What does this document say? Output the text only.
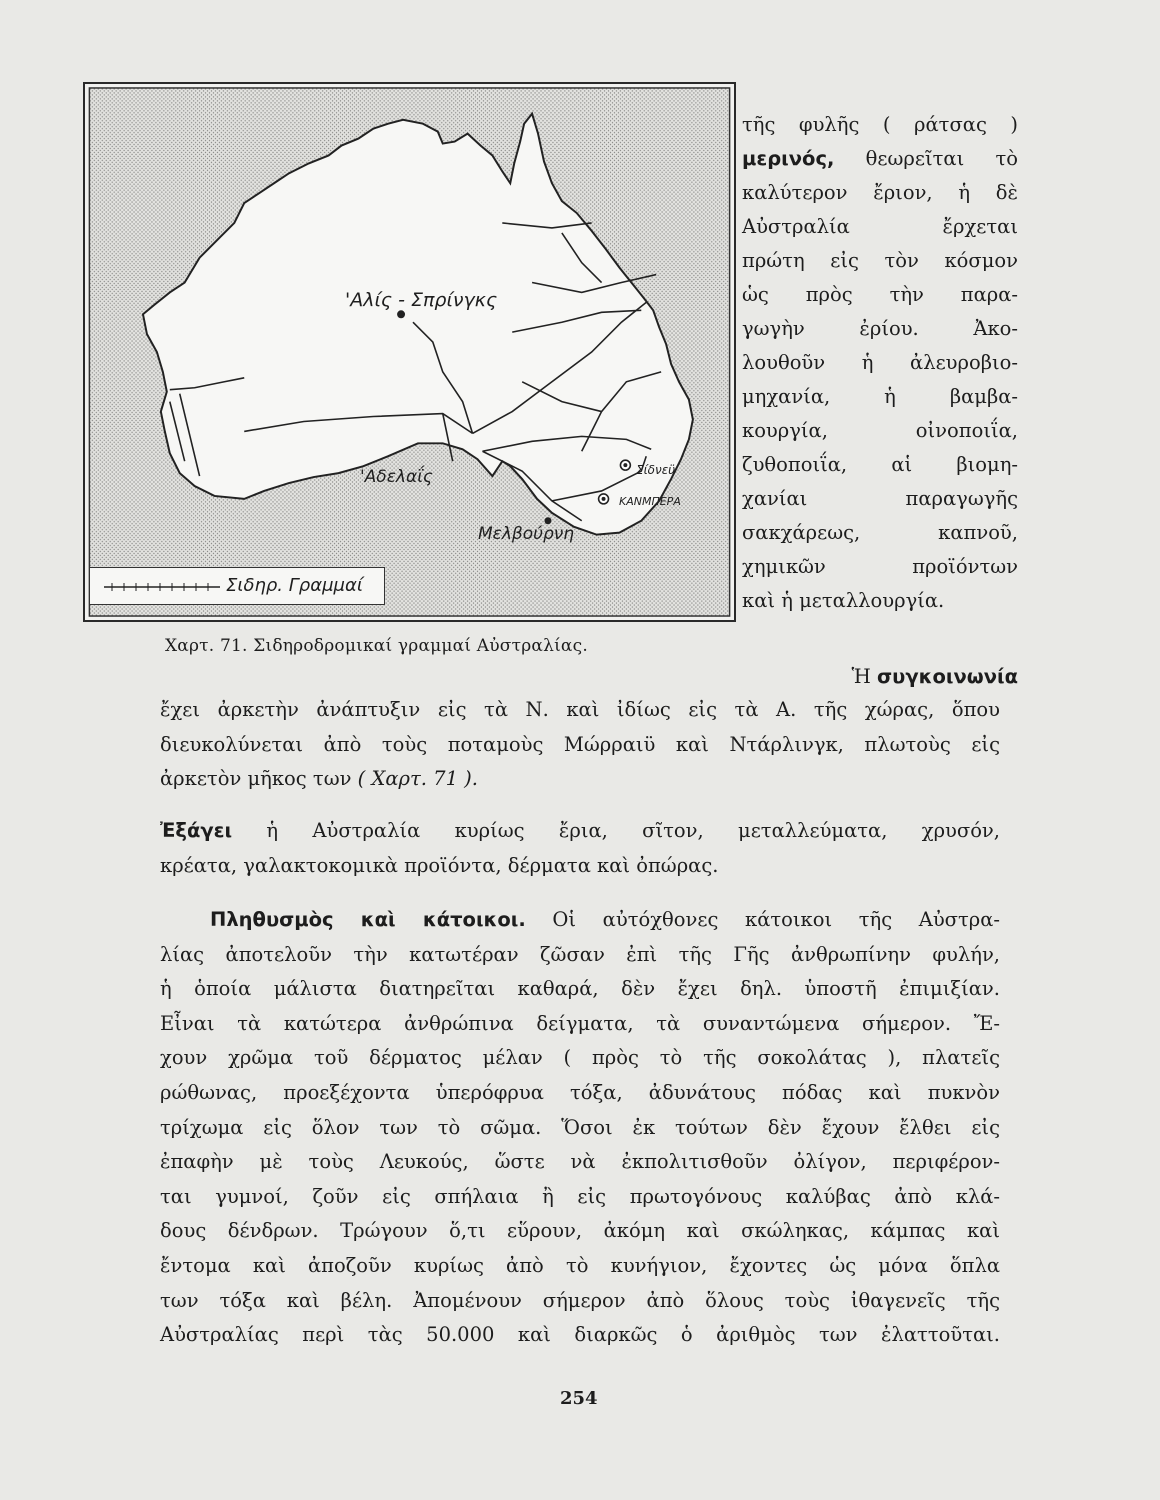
'Αλίς - Σπρίνγκς
'Αδελαΐς	Σίδνεϋ
ΚΑΝΜΠΕΡΑ
Μελβούρνη
Σιδηρ. Γραμμαί
Χαρτ. 71. Σιδηροδρομικαί γραμμαί Αὐστραλίας.
τῆς φυλῆς ( ράτσας )
μερινός, θεωρεῖται τὸ
καλύτερον ἔριον, ἡ δὲ
Αὐστραλία ἔρχεται
πρώτη εἰς τὸν κόσμον
ὡς πρὸς τὴν παρα-
γωγὴν ἐρίου. Ἀκο-
λουθοῦν ἡ ἀλευροβιο-
μηχανία, ἡ βαμβα-
κουργία, οἰνοποιΐα,
ζυθοποιΐα, αἱ βιομη-
χανίαι παραγωγῆς
σακχάρεως, καπνοῦ,
χημικῶν προϊόντων
καὶ ἡ μεταλλουργία.
Ἡ συγκοινωνία
ἔχει ἀρκετὴν ἀνάπτυξιν εἰς τὰ Ν. καὶ ἰδίως εἰς τὰ Α. τῆς χώρας, ὅπου
διευκολύνεται ἀπὸ τοὺς ποταμοὺς Μώρραιϋ καὶ Ντάρλινγκ, πλωτοὺς εἰς
ἀρκετὸν μῆκος των ( Χαρτ. 71 ).
Ἐξάγει ἡ Αὐστραλία κυρίως ἔρια, σῖτον, μεταλλεύματα, χρυσόν,
κρέατα, γαλακτοκομικὰ προϊόντα, δέρματα καὶ ὀπώρας.
Πληθυσμὸς καὶ κάτοικοι. Οἱ αὐτόχθονες κάτοικοι τῆς Αὐστρα-
λίας ἀποτελοῦν τὴν κατωτέραν ζῶσαν ἐπὶ τῆς Γῆς ἀνθρωπίνην φυλήν,
ἡ ὁποία μάλιστα διατηρεῖται καθαρά, δὲν ἔχει δηλ. ὑποστῆ ἐπιμιξίαν.
Εἶναι τὰ κατώτερα ἀνθρώπινα δείγματα, τὰ συναντώμενα σήμερον. Ἔ-
χουν χρῶμα τοῦ δέρματος μέλαν ( πρὸς τὸ τῆς σοκολάτας ), πλατεῖς
ρώθωνας, προεξέχοντα ὑπερόφρυα τόξα, ἀδυνάτους πόδας καὶ πυκνὸν
τρίχωμα εἰς ὅλον των τὸ σῶμα. Ὅσοι ἐκ τούτων δὲν ἔχουν ἔλθει εἰς
ἐπαφὴν μὲ τοὺς Λευκούς, ὥστε νὰ ἐκπολιτισθοῦν ὀλίγον, περιφέρον-
ται γυμνοί, ζοῦν εἰς σπήλαια ἢ εἰς πρωτογόνους καλύβας ἀπὸ κλά-
δους δένδρων. Τρώγουν ὅ,τι εὕρουν, ἀκόμη καὶ σκώληκας, κάμπας καὶ
ἔντομα καὶ ἀποζοῦν κυρίως ἀπὸ τὸ κυνήγιον, ἔχοντες ὡς μόνα ὅπλα
των τόξα καὶ βέλη. Ἀπομένουν σήμερον ἀπὸ ὅλους τοὺς ἰθαγενεῖς τῆς
Αὐστραλίας περὶ τὰς 50.000 καὶ διαρκῶς ὁ ἀριθμὸς των ἐλαττοῦται.
254
